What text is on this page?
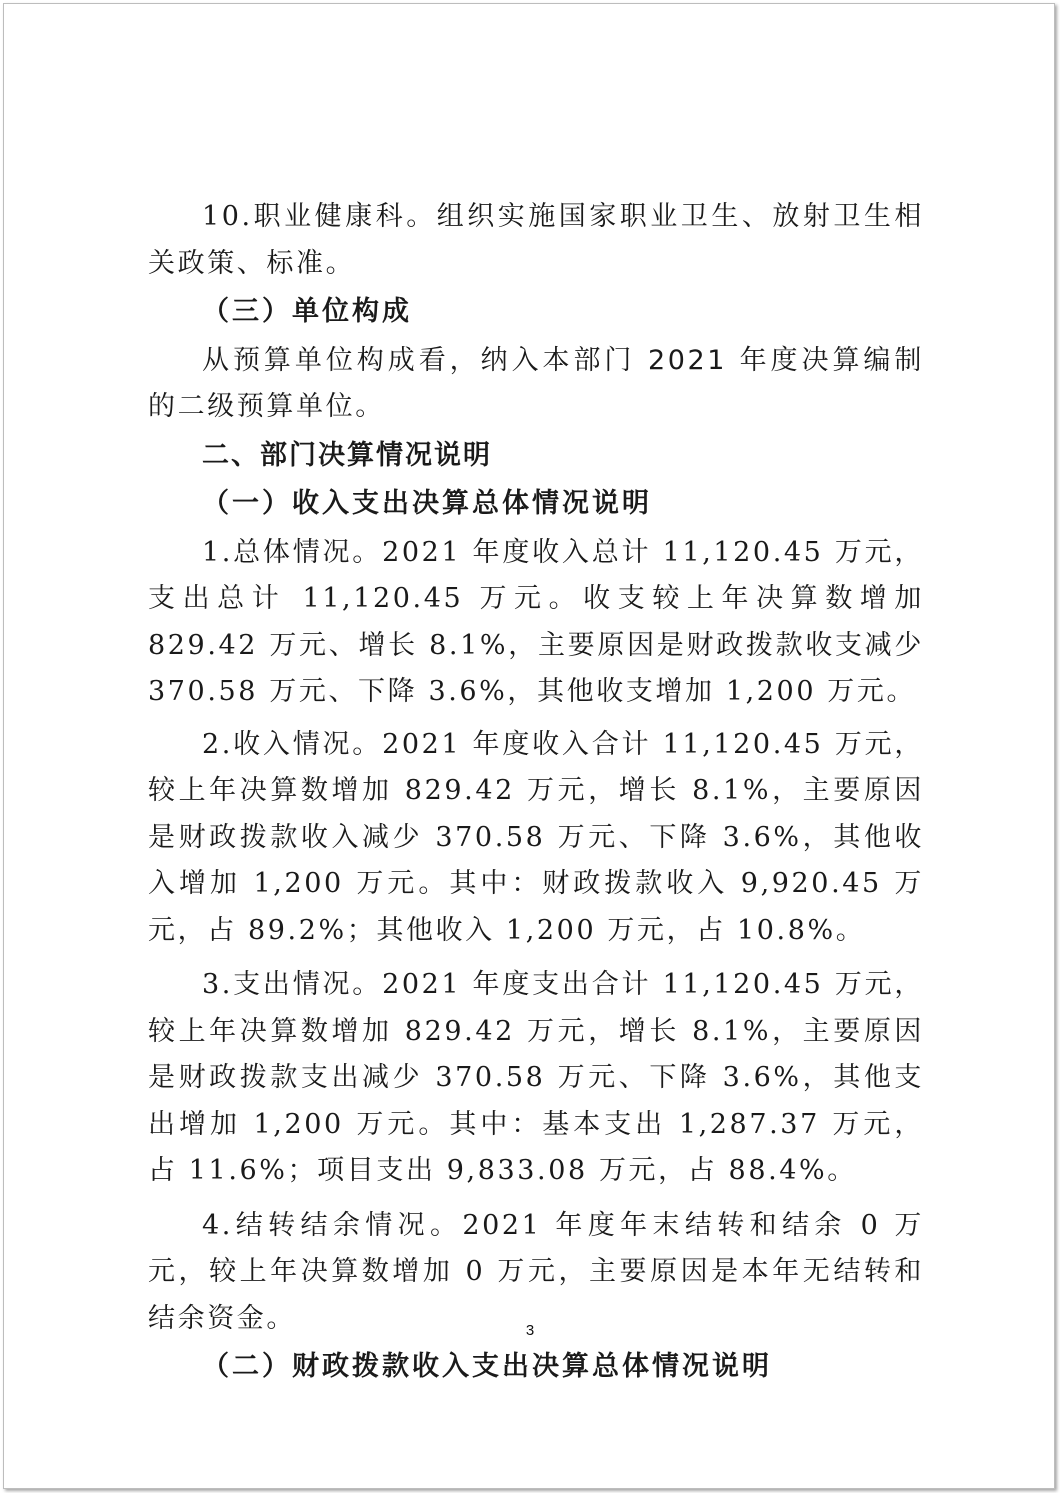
10.职业健康科。组织实施国家职业卫生、放射卫生相关政策、标准。

（三）单位构成

从预算单位构成看，纳入本部门 2021 年度决算编制的二级预算单位。

二、部门决算情况说明

（一）收入支出决算总体情况说明

1.总体情况。2021 年度收入总计 11,120.45 万元，支出总计 11,120.45 万元。收支较上年决算数增加 829.42 万元、增长 8.1%，主要原因是财政拨款收支减少 370.58 万元、下降 3.6%，其他收支增加 1,200 万元。

2.收入情况。2021 年度收入合计 11,120.45 万元，较上年决算数增加 829.42 万元，增长 8.1%，主要原因是财政拨款收入减少 370.58 万元、下降 3.6%，其他收入增加 1,200 万元。其中：财政拨款收入 9,920.45 万元，占 89.2%；其他收入 1,200 万元，占 10.8%。

3.支出情况。2021 年度支出合计 11,120.45 万元，较上年决算数增加 829.42 万元，增长 8.1%，主要原因是财政拨款支出减少 370.58 万元、下降 3.6%，其他支出增加 1,200 万元。其中：基本支出 1,287.37 万元，占 11.6%；项目支出 9,833.08 万元，占 88.4%。

4.结转结余情况。2021 年度年末结转和结余 0 万元，较上年决算数增加 0 万元，主要原因是本年无结转和结余资金。

（二）财政拨款收入支出决算总体情况说明

3
